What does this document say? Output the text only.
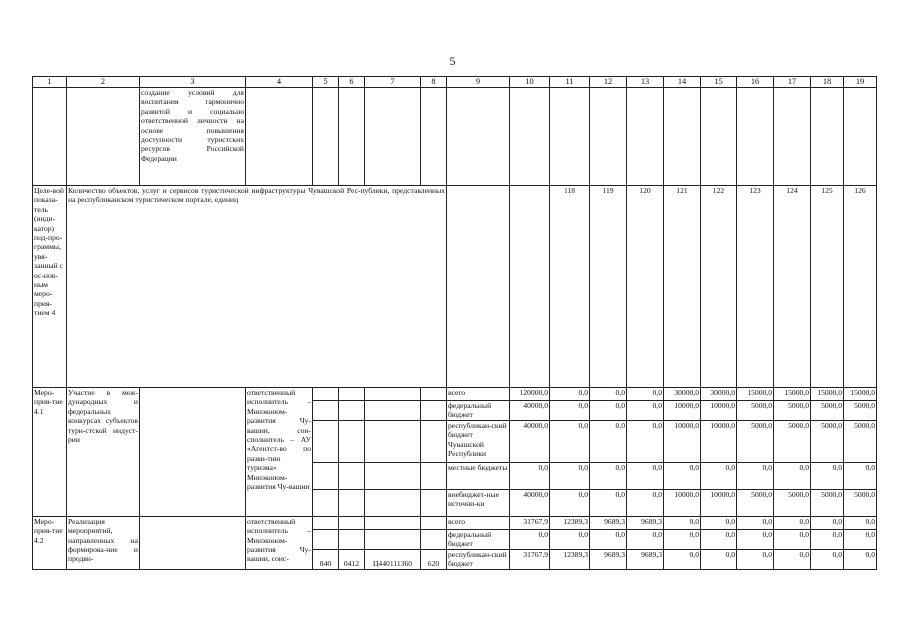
5
1	2	3	4	5	6	7	8	9	10	11	12	13	14	15	16	17	18	19
		создание условий для воспитания гармонично развитой и социально ответственной личности на основе повышения доступности туристских ресурсов Российской Федерации																
Целе-вой показа-тель (инди-катор) под-про-граммы, увя-занный с ос-нов-ным меро-прия-тием 4	Количество объектов, услуг и сервисов туристической инфраструктуры Чувашской Рес-публики, представленных на республиканском туристическом портале, единиц									118	119	120	121	122	123	124	125	126
Меро-прия-тие 4.1	Участие в меж-дународных и федеральных конкурсах субъектов тури-стской индуст-рии		ответственный исполнитель – Минэконом-развития Чу-вашии, сои-сполнитель – АУ «Агентст-во по разви-тию туризма» Минэконом-развития Чу-вашии					всего	120000,0	0,0	0,0	0,0	30000,0	30000,0	15000,0	15000,0	15000,0	15000,0
								федеральный бюджет	40000,0	0,0	0,0	0,0	10000,0	10000,0	5000,0	5000,0	5000,0	5000,0
								республикан-ский бюджет Чувашской Республики	40000,0	0,0	0,0	0,0	10000,0	10000,0	5000,0	5000,0	5000,0	5000,0
								местные бюджеты	0,0	0,0	0,0	0,0	0,0	0,0	0,0	0,0	0,0	0,0
								внебюджет-ные источни-ки	40000,0	0,0	0,0	0,0	10000,0	10000,0	5000,0	5000,0	5000,0	5000,0
Меро-прия-тие 4.2	Реализация мероприятий, направленных на формирова-ние и продви-		ответственный исполнитель – Минэконом-развития Чу-вашии, соис-					всего	31767,9	12389,3	9689,3	9689,3	0,0	0,0	0,0	0,0	0,0	0,0
								федеральный бюджет	0,0	0,0	0,0	0,0	0,0	0,0	0,0	0,0	0,0	0,0
				840	0412	Ц440111360	620	республикан-ский бюджет	31767,9	12389,3	9689,3	9689,3	0,0	0,0	0,0	0,0	0,0	0,0
